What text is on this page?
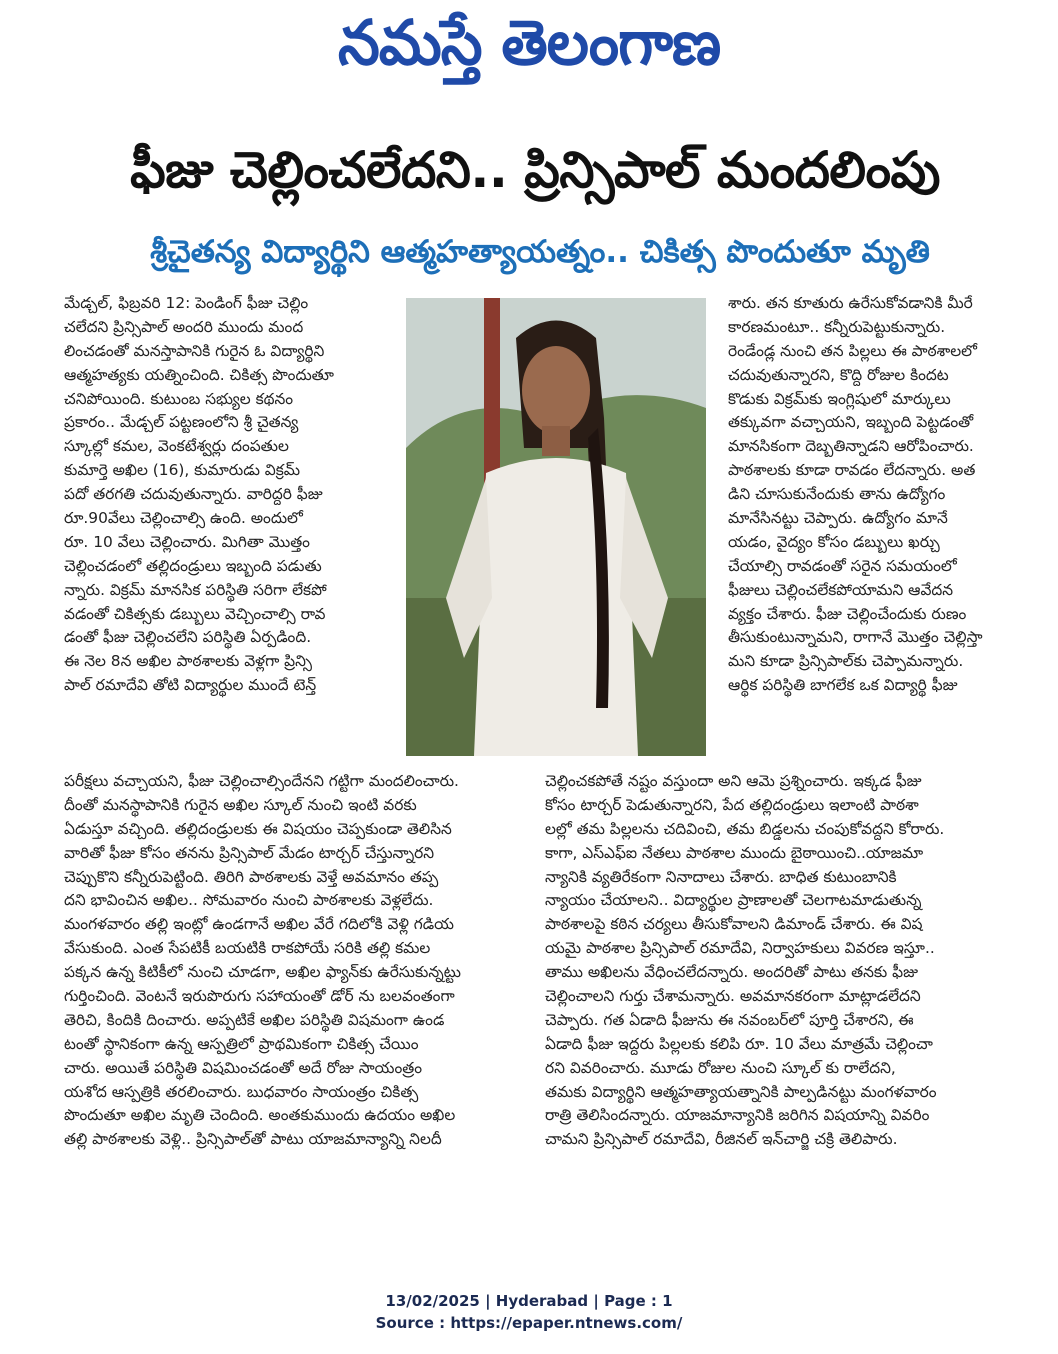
నమస్తే తెలంగాణ
ఫీజు చెల్లించలేదని.. ప్రిన్సిపాల్ మందలింపు
శ్రీచైతన్య విద్యార్థిని ఆత్మహత్యాయత్నం.. చికిత్స పొందుతూ మృతి
మేడ్చల్, ఫిబ్రవరి 12: పెండింగ్ ఫీజు చెల్లిం
చలేదని ప్రిన్సిపాల్ అందరి ముందు మంద
లించడంతో మనస్తాపానికి గురైన ఓ విద్యార్థిని
ఆత్మహత్యకు యత్నించింది. చికిత్స పొందుతూ
చనిపోయింది. కుటుంబ సభ్యుల కథనం
ప్రకారం.. మేడ్చల్ పట్టణంలోని శ్రీ చైతన్య
స్కూల్లో కమల, వెంకటేశ్వర్లు దంపతుల
కుమార్తె అఖిల (16), కుమారుడు విక్రమ్
పదో తరగతి చదువుతున్నారు. వారిద్దరి ఫీజు
రూ.90వేలు చెల్లించాల్సి ఉంది. అందులో
రూ. 10 వేలు చెల్లించారు. మిగితా మొత్తం
చెల్లించడంలో తల్లిదండ్రులు ఇబ్బంది పడుతు
న్నారు. విక్రమ్ మానసిక పరిస్థితి సరిగా లేకపో
వడంతో చికిత్సకు డబ్బులు వెచ్చించాల్సి రావ
డంతో ఫీజు చెల్లించలేని పరిస్థితి ఏర్పడింది.
ఈ నెల 8న అఖిల పాఠశాలకు వెళ్లగా ప్రిన్సి
పాల్ రమాదేవి తోటి విద్యార్థుల ముందే టెన్త్
శారు. తన కూతురు ఉరేసుకోవడానికి మీరే
కారణమంటూ.. కన్నీరుపెట్టుకున్నారు.
రెండేండ్ల నుంచి తన పిల్లలు ఈ పాఠశాలలో
చదువుతున్నారని, కొద్ది రోజుల కిందట
కొడుకు విక్రమ్‌కు ఇంగ్లిషులో మార్కులు
తక్కువగా వచ్చాయని, ఇబ్బంది పెట్టడంతో
మానసికంగా దెబ్బతిన్నాడని ఆరోపించారు.
పాఠశాలకు కూడా రావడం లేదన్నారు. అత
డిని చూసుకునేందుకు తాను ఉద్యోగం
మానేసినట్టు చెప్పారు. ఉద్యోగం మానే
యడం, వైద్యం కోసం డబ్బులు ఖర్చు
చేయాల్సి రావడంతో సరైన సమయంలో
ఫీజులు చెల్లించలేకపోయామని ఆవేదన
వ్యక్తం చేశారు. ఫీజు చెల్లించేందుకు రుణం
తీసుకుంటున్నామని, రాగానే మొత్తం చెల్లిస్తా
మని కూడా ప్రిన్సిపాల్‌కు చెప్పామన్నారు.
ఆర్థిక పరిస్థితి బాగలేక ఒక విద్యార్థి ఫీజు
పరీక్షలు వచ్చాయని, ఫీజు చెల్లించాల్సిందేనని గట్టిగా మందలించారు.
దీంతో మనస్థాపానికి గురైన అఖిల స్కూల్ నుంచి ఇంటి వరకు
ఏడుస్తూ వచ్చింది. తల్లిదండ్రులకు ఈ విషయం చెప్పకుండా తెలిసిన
వారితో ఫీజు కోసం తనను ప్రిన్సిపాల్ మేడం టార్చర్ చేస్తున్నారని
చెప్పుకొని కన్నీరుపెట్టింది. తిరిగి పాఠశాలకు వెళ్తే అవమానం తప్ప
దని భావించిన అఖిల.. సోమవారం నుంచి పాఠశాలకు వెళ్లలేదు.
మంగళవారం తల్లి ఇంట్లో ఉండగానే అఖిల వేరే గదిలోకి వెళ్లి గడియ
వేసుకుంది. ఎంత సేపటికీ బయటికి రాకపోయే సరికి తల్లి కమల
పక్కన ఉన్న కిటికీలో నుంచి చూడగా, అఖిల ఫ్యాన్‌కు ఉరేసుకున్నట్టు
గుర్తించింది. వెంటనే ఇరుపొరుగు సహాయంతో డోర్ ను బలవంతంగా
తెరిచి, కిందికి దించారు. అప్పటికే అఖిల పరిస్థితి విషమంగా ఉండ
టంతో స్థానికంగా ఉన్న ఆస్పత్రిలో ప్రాథమికంగా చికిత్స చేయిం
చారు. అయితే పరిస్థితి విషమించడంతో అదే రోజు సాయంత్రం
యశోద ఆస్పత్రికి తరలించారు. బుధవారం సాయంత్రం చికిత్స
పొందుతూ అఖిల మృతి చెందింది. అంతకుముందు ఉదయం అఖిల
తల్లి పాఠశాలకు వెళ్లి.. ప్రిన్సిపాల్‌తో పాటు యాజమాన్యాన్ని నిలదీ
చెల్లించకపోతే నష్టం వస్తుందా అని ఆమె ప్రశ్నించారు. ఇక్కడ ఫీజు
కోసం టార్చర్ పెడుతున్నారని, పేద తల్లిదండ్రులు ఇలాంటి పాఠశా
లల్లో తమ పిల్లలను చదివించి, తమ బిడ్డలను చంపుకోవద్దని కోరారు.
కాగా, ఎస్ఎఫ్ఐ నేతలు పాఠశాల ముందు బైఠాయించి..యాజమా
న్యానికి వ్యతిరేకంగా నినాదాలు చేశారు. బాధిత కుటుంబానికి
న్యాయం చేయాలని.. విద్యార్థుల ప్రాణాలతో చెలగాటమాడుతున్న
పాఠశాలపై కఠిన చర్యలు తీసుకోవాలని డిమాండ్ చేశారు. ఈ విష
యమై పాఠశాల ప్రిన్సిపాల్ రమాదేవి, నిర్వాహకులు వివరణ ఇస్తూ..
తాము అఖిలను వేధించలేదన్నారు. అందరితో పాటు తనకు ఫీజు
చెల్లించాలని గుర్తు చేశామన్నారు. అవమానకరంగా మాట్లాడలేదని
చెప్పారు. గత ఏడాది ఫీజును ఈ నవంబర్‌లో పూర్తి చేశారని, ఈ
ఏడాది ఫీజు ఇద్దరు పిల్లలకు కలిపి రూ. 10 వేలు మాత్రమే చెల్లించా
రని వివరించారు. మూడు రోజుల నుంచి స్కూల్ కు రాలేదని,
తమకు విద్యార్థిని ఆత్మహత్యాయత్నానికి పాల్పడినట్టు మంగళవారం
రాత్రి తెలిసిందన్నారు. యాజమాన్యానికి జరిగిన విషయాన్ని వివరిం
చామని ప్రిన్సిపాల్ రమాదేవి, రీజినల్ ఇన్‌చార్జి చక్రి తెలిపారు.
13/02/2025 | Hyderabad | Page : 1
Source : https://epaper.ntnews.com/
